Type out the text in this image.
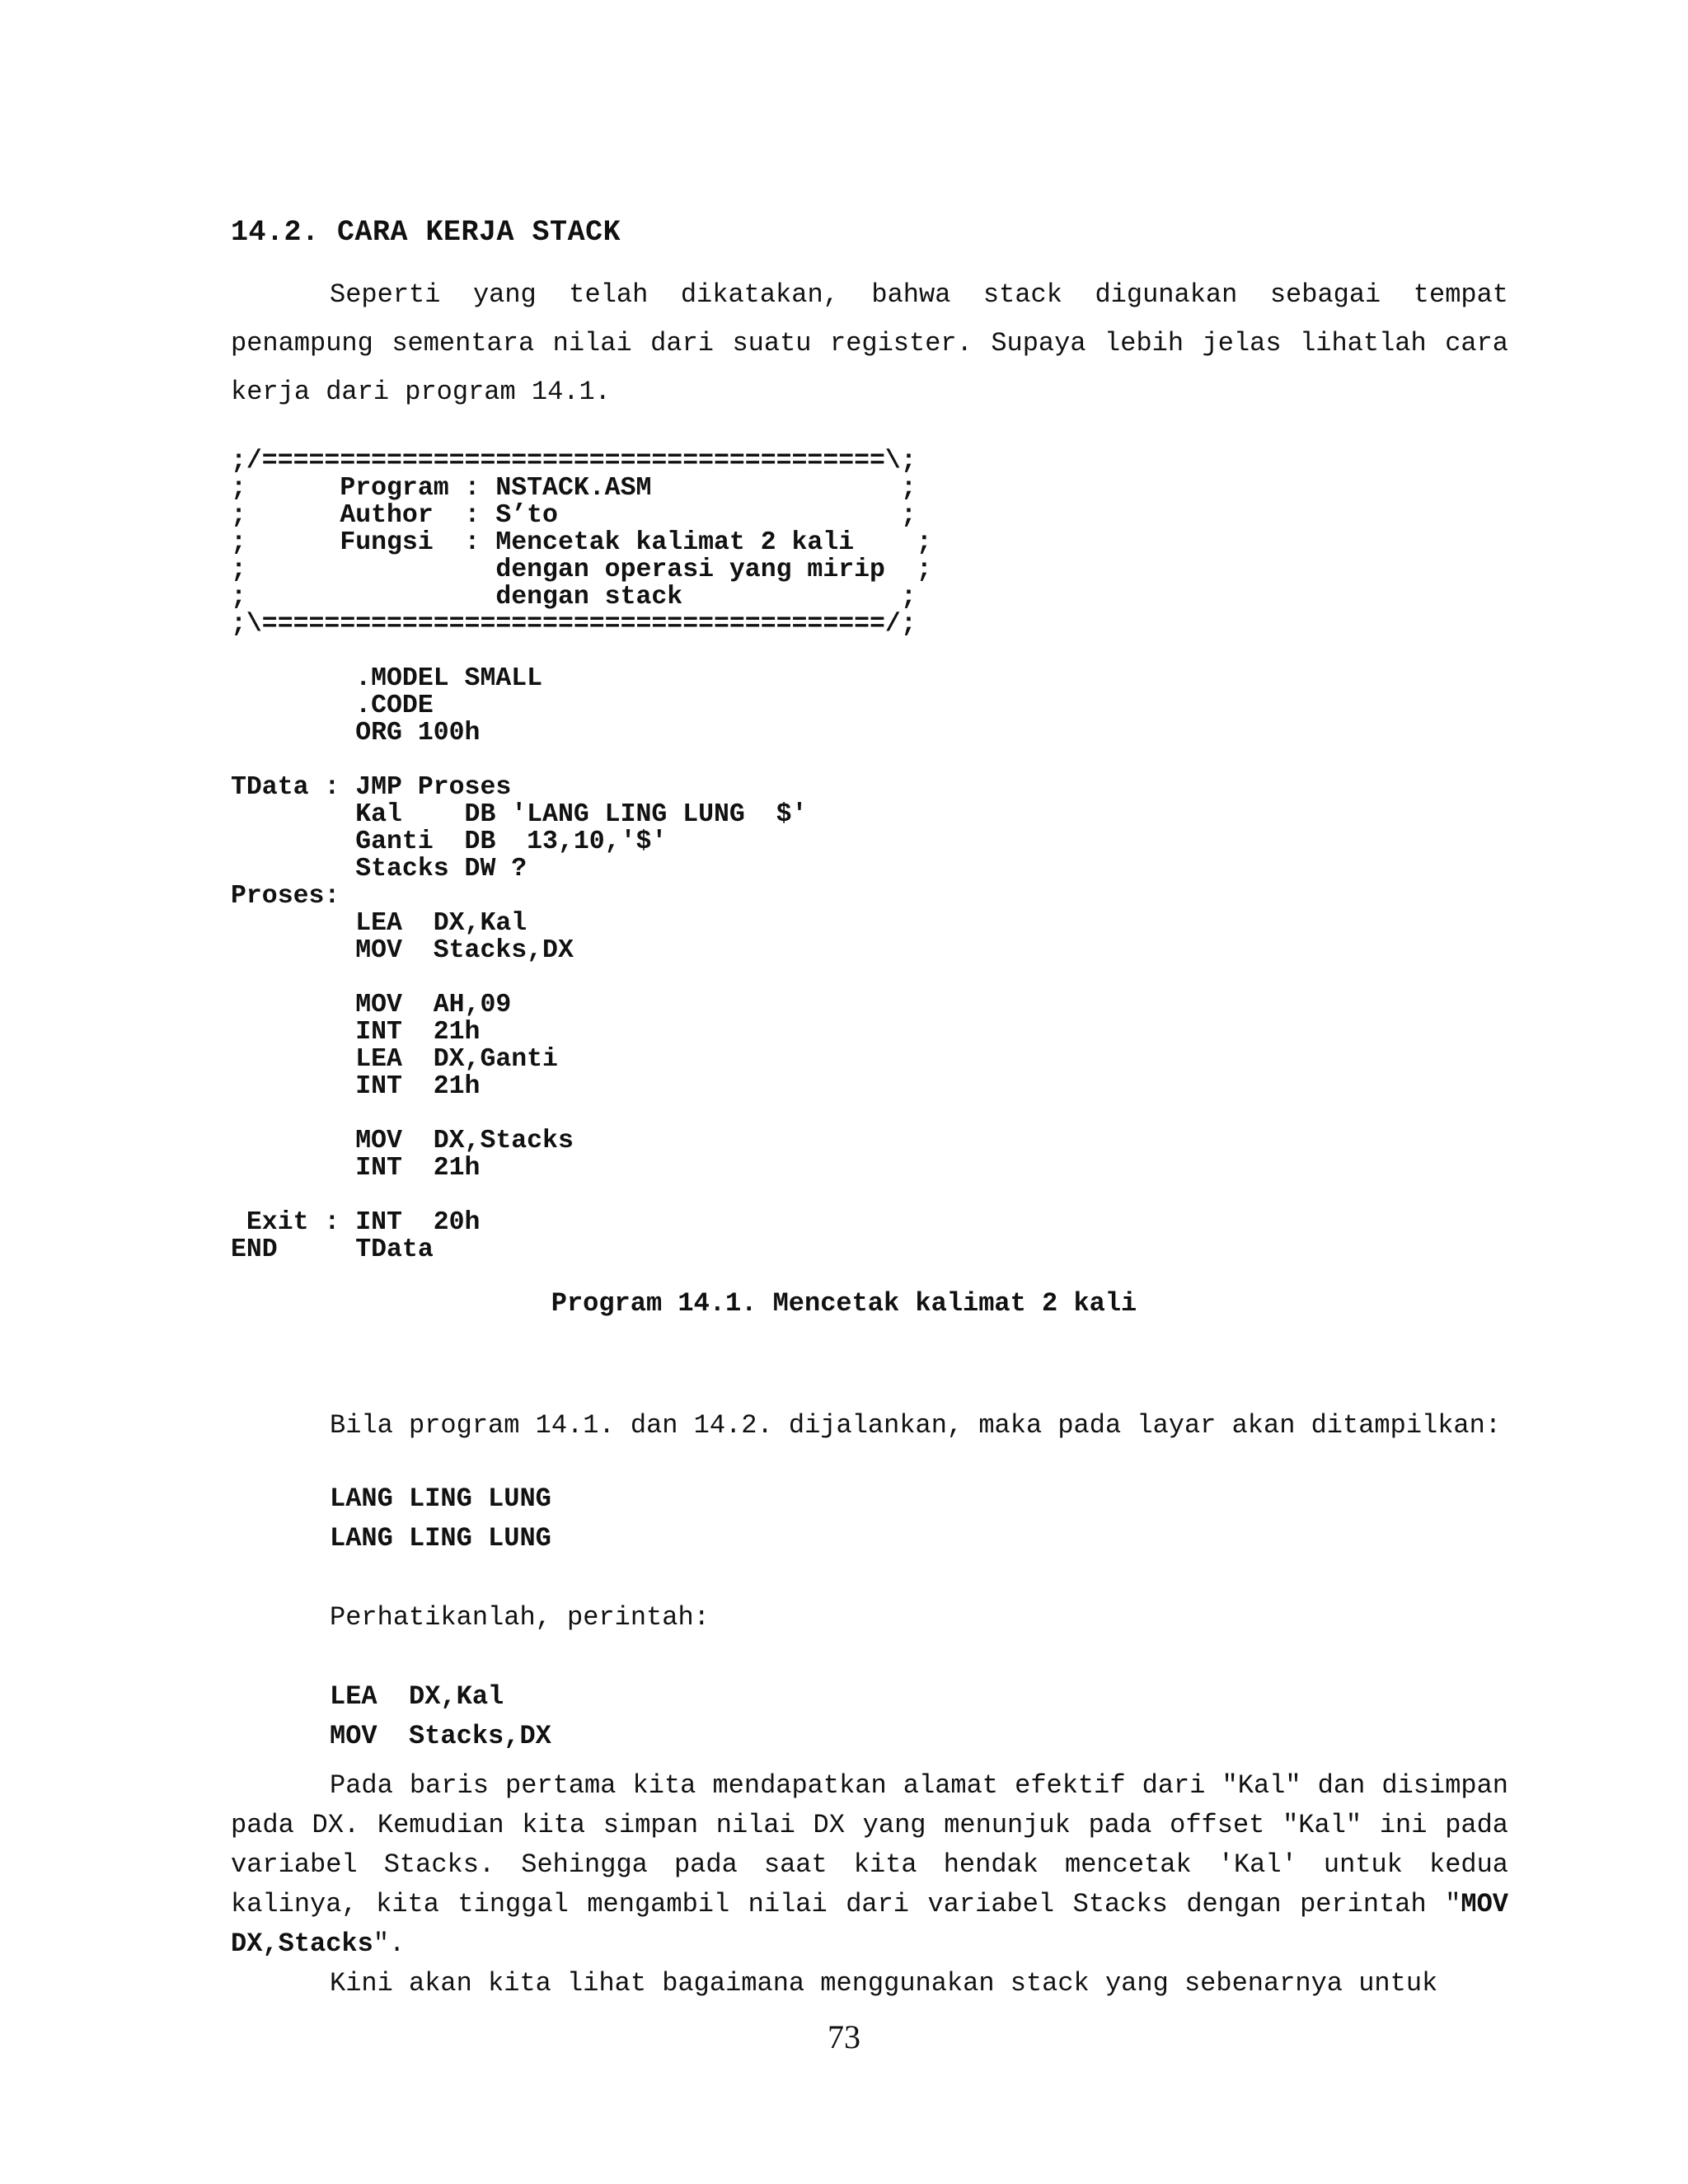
14.2. CARA KERJA STACK
Seperti yang telah dikatakan, bahwa stack digunakan sebagai tempat penampung sementara nilai dari suatu register. Supaya lebih jelas lihatlah cara kerja dari program 14.1.
;/========================================\;
;      Program : NSTACK.ASM                ;
;      Author  : S’to                      ;
;      Fungsi  : Mencetak kalimat 2 kali    ;
;                dengan operasi yang mirip  ;
;                dengan stack              ;
;\========================================/;

.MODEL SMALL
.CODE
ORG 100h

TData : JMP Proses
Kal    DB 'LANG LING LUNG  $'
Ganti  DB  13,10,'$'
Stacks DW ?
Proses:
LEA  DX,Kal
MOV  Stacks,DX

MOV  AH,09
INT  21h
LEA  DX,Ganti
INT  21h

MOV  DX,Stacks
INT  21h

Exit : INT  20h
END     TData
Program 14.1. Mencetak kalimat 2 kali
Bila program 14.1. dan 14.2. dijalankan, maka pada layar akan ditampilkan:
LANG LING LUNG
LANG LING LUNG
Perhatikanlah, perintah:
LEA  DX,Kal
MOV  Stacks,DX
Pada baris pertama kita mendapatkan alamat efektif dari "Kal" dan disimpan pada DX. Kemudian kita simpan nilai DX yang menunjuk pada offset "Kal" ini pada variabel Stacks. Sehingga pada saat kita hendak mencetak 'Kal' untuk kedua kalinya, kita tinggal mengambil nilai dari variabel Stacks dengan perintah "MOV DX,Stacks".
Kini akan kita lihat bagaimana menggunakan stack yang sebenarnya untuk
73
